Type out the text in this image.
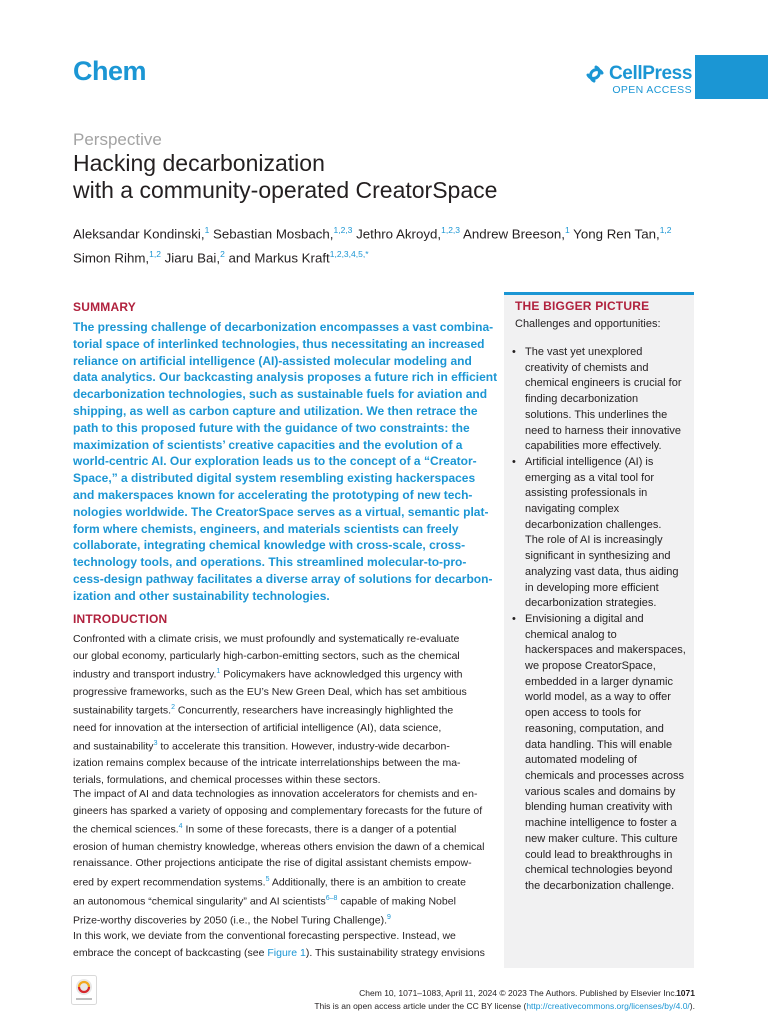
Chem	CellPress
OPEN ACCESS
Perspective
Hacking decarbonization
with a community-operated CreatorSpace
Aleksandar Kondinski,$^1$ Sebastian Mosbach,$^{1,2,3}$ Jethro Akroyd,$^{1,2,3}$ Andrew Breeson,$^1$ Yong Ren Tan,$^{1,2}$
Simon Rihm,$^{1,2}$ Jiaru Bai,$^2$ and Markus Kraft$^{1,2,3,4,5,*}$
SUMMARY
The pressing challenge of decarbonization encompasses a vast combina-
torial space of interlinked technologies, thus necessitating an increased
reliance on artificial intelligence (AI)-assisted molecular modeling and
data analytics. Our backcasting analysis proposes a future rich in efficient
decarbonization technologies, such as sustainable fuels for aviation and
shipping, as well as carbon capture and utilization. We then retrace the
path to this proposed future with the guidance of two constraints: the
maximization of scientists’ creative capacities and the evolution of a
world-centric AI. Our exploration leads us to the concept of a “Creator-
Space,” a distributed digital system resembling existing hackerspaces
and makerspaces known for accelerating the prototyping of new tech-
nologies worldwide. The CreatorSpace serves as a virtual, semantic plat-
form where chemists, engineers, and materials scientists can freely
collaborate, integrating chemical knowledge with cross-scale, cross-
technology tools, and operations. This streamlined molecular-to-pro-
cess-design pathway facilitates a diverse array of solutions for decarbon-
ization and other sustainability technologies.
INTRODUCTION
Confronted with a climate crisis, we must profoundly and systematically re-evaluate
our global economy, particularly high-carbon-emitting sectors, such as the chemical
industry and transport industry.$^1$ Policymakers have acknowledged this urgency with
progressive frameworks, such as the EU’s New Green Deal, which has set ambitious
sustainability targets.$^2$ Concurrently, researchers have increasingly highlighted the
need for innovation at the intersection of artificial intelligence (AI), data science,
and sustainability$^3$ to accelerate this transition. However, industry-wide decarbon-
ization remains complex because of the intricate interrelationships between the ma-
terials, formulations, and chemical processes within these sectors.
The impact of AI and data technologies as innovation accelerators for chemists and en-
gineers has sparked a variety of opposing and complementary forecasts for the future of
the chemical sciences.$^4$ In some of these forecasts, there is a danger of a potential
erosion of human chemistry knowledge, whereas others envision the dawn of a chemical
renaissance. Other projections anticipate the rise of digital assistant chemists empow-
ered by expert recommendation systems.$^5$ Additionally, there is an ambition to create
an autonomous “chemical singularity” and AI scientists$^{6-8}$ capable of making Nobel
Prize-worthy discoveries by 2050 (i.e., the Nobel Turing Challenge).$^9$
In this work, we deviate from the conventional forecasting perspective. Instead, we
embrace the concept of backcasting (see Figure 1). This sustainability strategy envisions
THE BIGGER PICTURE
Challenges and opportunities:
• The vast yet unexplored
creativity of chemists and
chemical engineers is crucial for
finding decarbonization
solutions. This underlines the
need to harness their innovative
capabilities more effectively.
• Artificial intelligence (AI) is
emerging as a vital tool for
assisting professionals in
navigating complex
decarbonization challenges.
The role of AI is increasingly
significant in synthesizing and
analyzing vast data, thus aiding
in developing more efficient
decarbonization strategies.
• Envisioning a digital and
chemical analog to
hackerspaces and makerspaces,
we propose CreatorSpace,
embedded in a larger dynamic
world model, as a way to offer
open access to tools for
reasoning, computation, and
data handling. This will enable
automated modeling of
chemicals and processes across
various scales and domains by
blending human creativity with
machine intelligence to foster a
new maker culture. This culture
could lead to breakthroughs in
chemical technologies beyond
the decarbonization challenge.
Chem 10, 1071–1083, April 11, 2024 © 2023 The Authors. Published by Elsevier Inc. 1071
This is an open access article under the CC BY license (http://creativecommons.org/licenses/by/4.0/).
